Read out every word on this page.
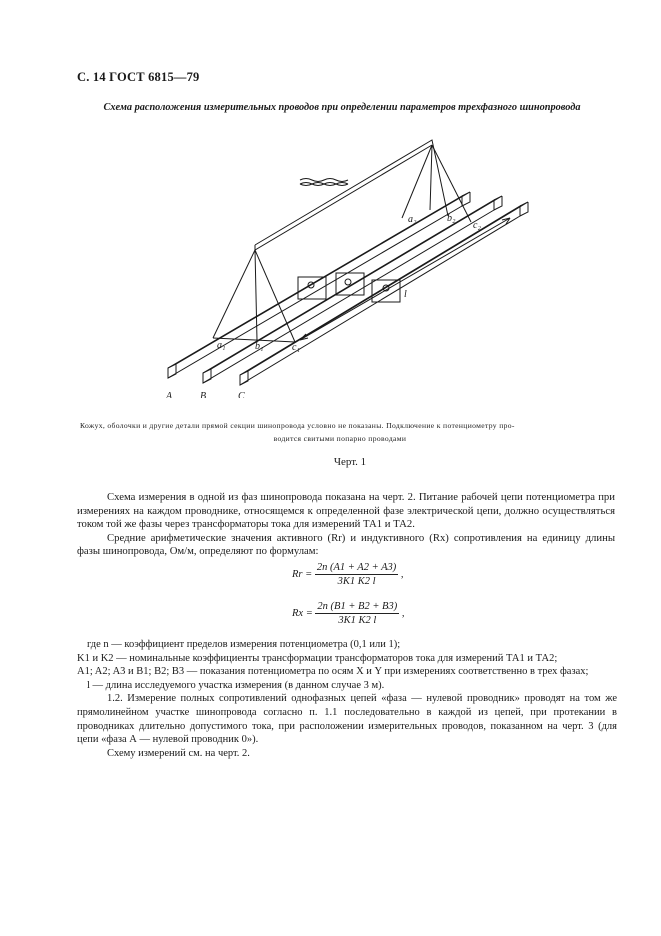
С. 14 ГОСТ 6815—79
Схема расположения измерительных проводов при определении параметров трехфазного шинопровода
A	B	C
a₁	b₁	c₁
a₂	b₂
c₂
l
Кожух, оболочки и другие детали прямой секции шинопровода условно не показаны. Подключение к потенциометру про-
водится свитыми попарно проводами
Черт. 1

Схема измерения в одной из фаз шинопровода показана на черт. 2. Питание рабочей цепи потенциометра при измерениях на каждом проводнике, относящемся к определенной фазе электрической цепи, должно осуществляться током той же фазы через трансформаторы тока для измерений ТА1 и ТА2.

Средние арифметические значения активного (Rr) и индуктивного (Rx) сопротивления на единицу длины фазы шинопровода, Ом/м, определяют по формулам:

$Rr = \frac{2n (A1 + A2 + A3)}{3K1 K2 l}$ ,
$Rx = \frac{2n (B1 + B2 + B3)}{3K1 K2 l}$ ,

где n — коэффициент пределов измерения потенциометра (0,1 или 1);

K1 и K2 — номинальные коэффициенты трансформации трансформаторов тока для измерений ТА1 и ТА2;

A1; A2; A3 и B1; B2; B3 — показания потенциометра по осям X и Y при измерениях соответственно в трех фазах;

l — длина исследуемого участка измерения (в данном случае 3 м).

1.2. Измерение полных сопротивлений однофазных цепей «фаза — нулевой проводник» проводят на том же прямолинейном участке шинопровода согласно п. 1.1 последовательно в каждой из цепей, при протекании в проводниках длительно допустимого тока, при расположении измерительных проводов, показанном на черт. 3 (для цепи «фаза А — нулевой проводник 0»).

Схему измерений см. на черт. 2.
